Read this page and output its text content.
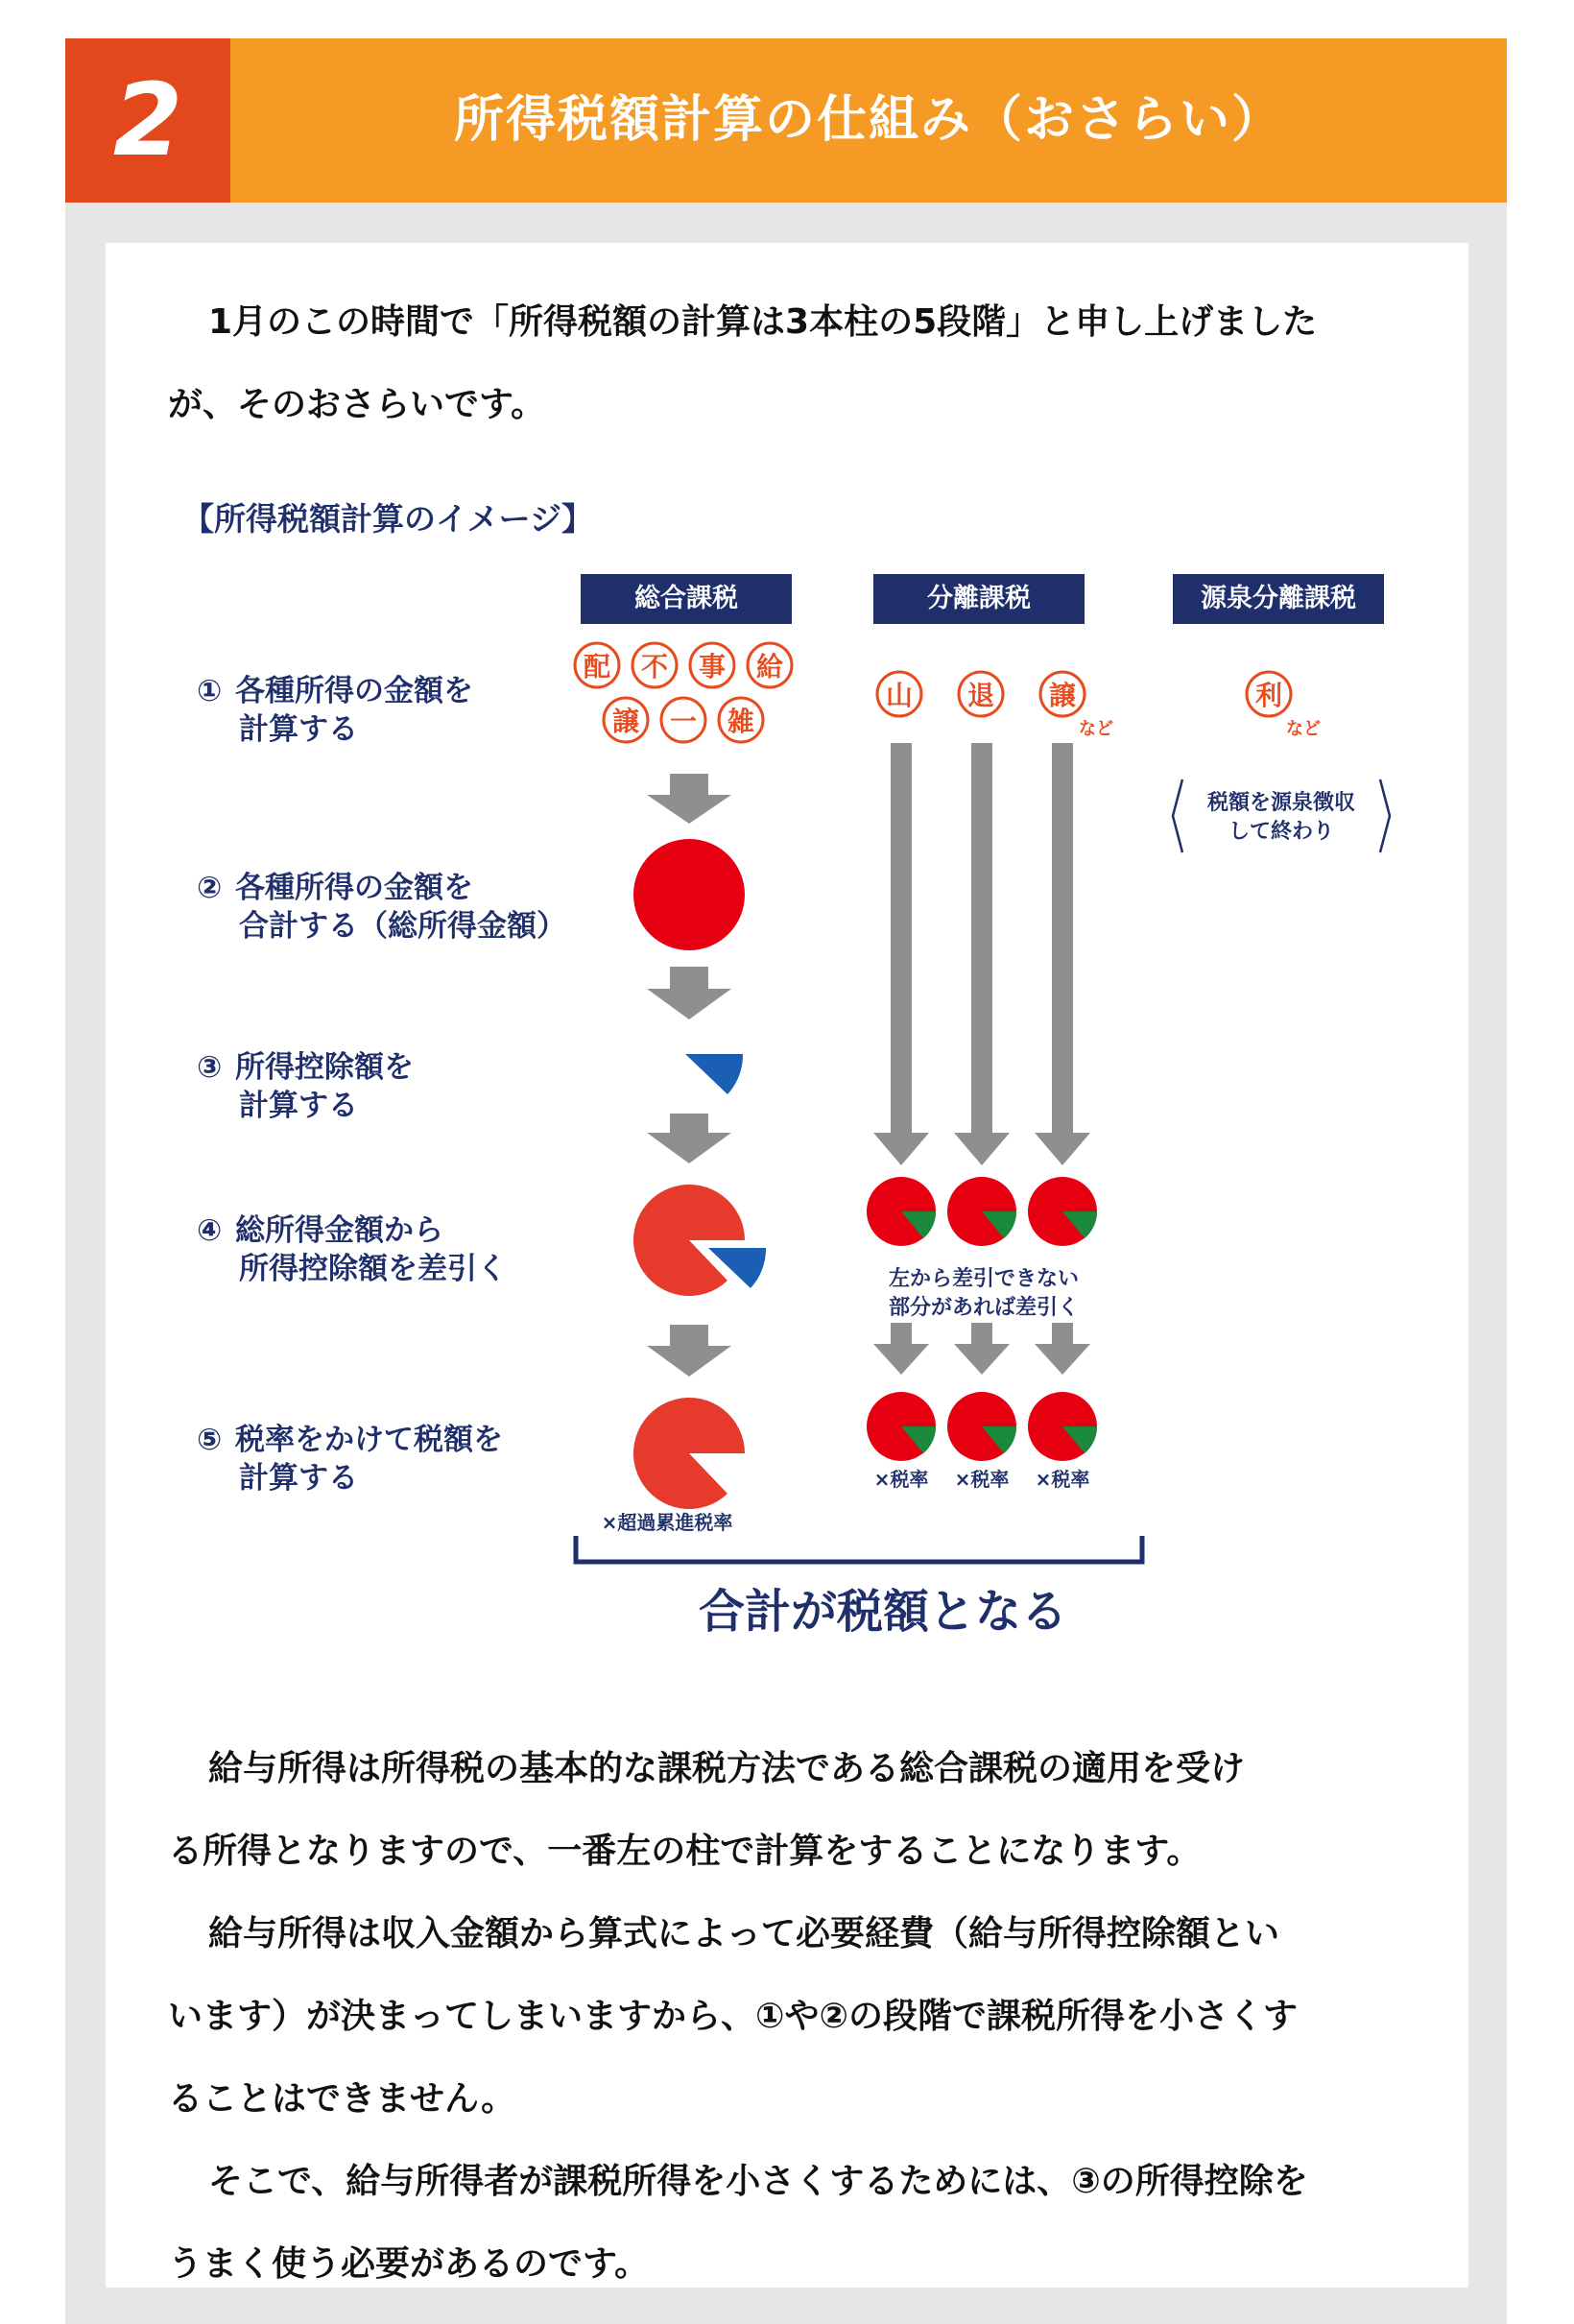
2	所得税額計算の仕組み（おさらい）
1月のこの時間で「所得税額の計算は3本柱の5段階」と申し上げました
が、そのおさらいです。
【所得税額計算のイメージ】
総合課税	分離課税	源泉分離課税
① 各種所得の金額を
計算する
② 各種所得の金額を
合計する（総所得金額）
③ 所得控除額を
計算する
④ 総所得金額から
所得控除額を差引く
⑤ 税率をかけて税額を
計算する
配 不 事 給
譲 一 雑
山 退 譲
など
利
など
×超過累進税率
×税率 ×税率 ×税率
税額を源泉徴収
して終わり
左から差引できない
部分があれば差引く
合計が税額となる
給与所得は所得税の基本的な課税方法である総合課税の適用を受け
る所得となりますので、一番左の柱で計算をすることになります。
給与所得は収入金額から算式によって必要経費（給与所得控除額とい
います）が決まってしまいますから、①や②の段階で課税所得を小さくす
ることはできません。
そこで、給与所得者が課税所得を小さくするためには、③の所得控除を
うまく使う必要があるのです。
